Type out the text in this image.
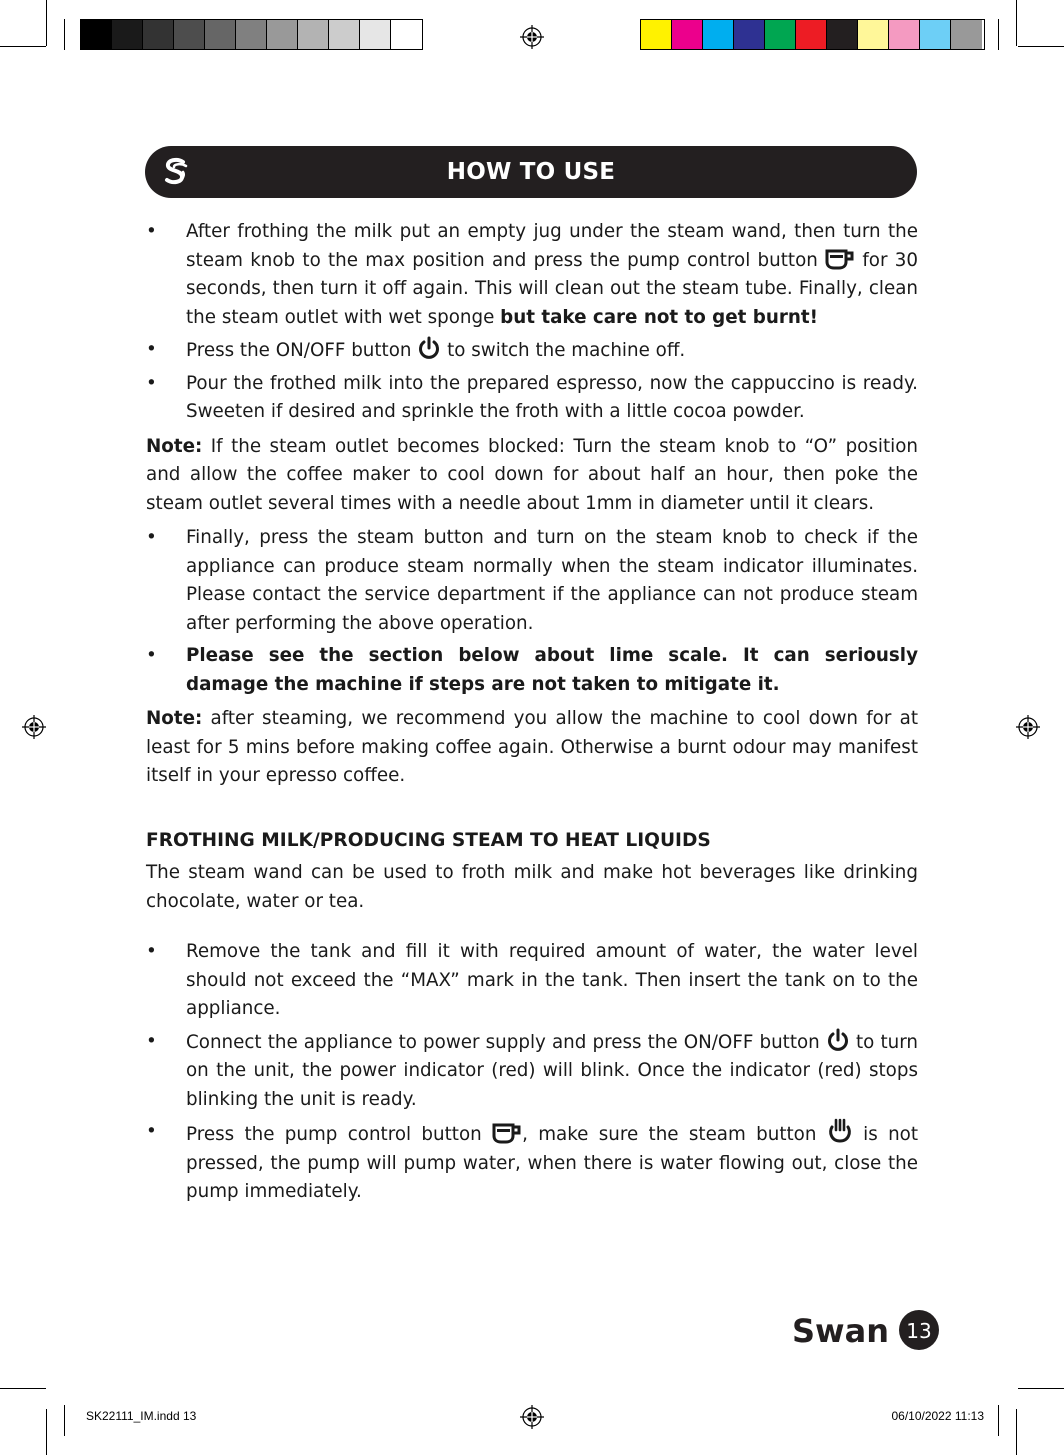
HOW TO USE
• After frothing the milk put an empty jug under the steam wand, then turn the steam knob to the max position and press the pump control button  for 30 seconds, then turn it off again. This will clean out the steam tube. Finally, clean the steam outlet with wet sponge but take care not to get burnt!
• Press the ON/OFF button  to switch the machine off.
• Pour the frothed milk into the prepared espresso, now the cappuccino is ready. Sweeten if desired and sprinkle the froth with a little cocoa powder.
Note: If the steam outlet becomes blocked: Turn the steam knob to “O” position and allow the coffee maker to cool down for about half an hour, then poke the steam outlet several times with a needle about 1mm in diameter until it clears.
• Finally, press the steam button and turn on the steam knob to check if the appliance can produce steam normally when the steam indicator illuminates. Please contact the service department if the appliance can not produce steam after performing the above operation.
• Please see the section below about lime scale. It can seriously damage the machine if steps are not taken to mitigate it.
Note: after steaming, we recommend you allow the machine to cool down for at least for 5 mins before making coffee again. Otherwise a burnt odour may manifest itself in your epresso coffee.
FROTHING MILK/PRODUCING STEAM TO HEAT LIQUIDS
The steam wand can be used to froth milk and make hot beverages like drinking chocolate, water or tea.
• Remove the tank and fill it with required amount of water, the water level should not exceed the “MAX” mark in the tank. Then insert the tank on to the appliance.
• Connect the appliance to power supply and press the ON/OFF button  to turn on the unit, the power indicator (red) will blink. Once the indicator (red) stops blinking the unit is ready.
• Press the pump control button , make sure the steam button  is not pressed, the pump will pump water, when there is water flowing out, close the pump immediately.
Swan 13
SK22111_IM.indd 13	06/10/2022 11:13
